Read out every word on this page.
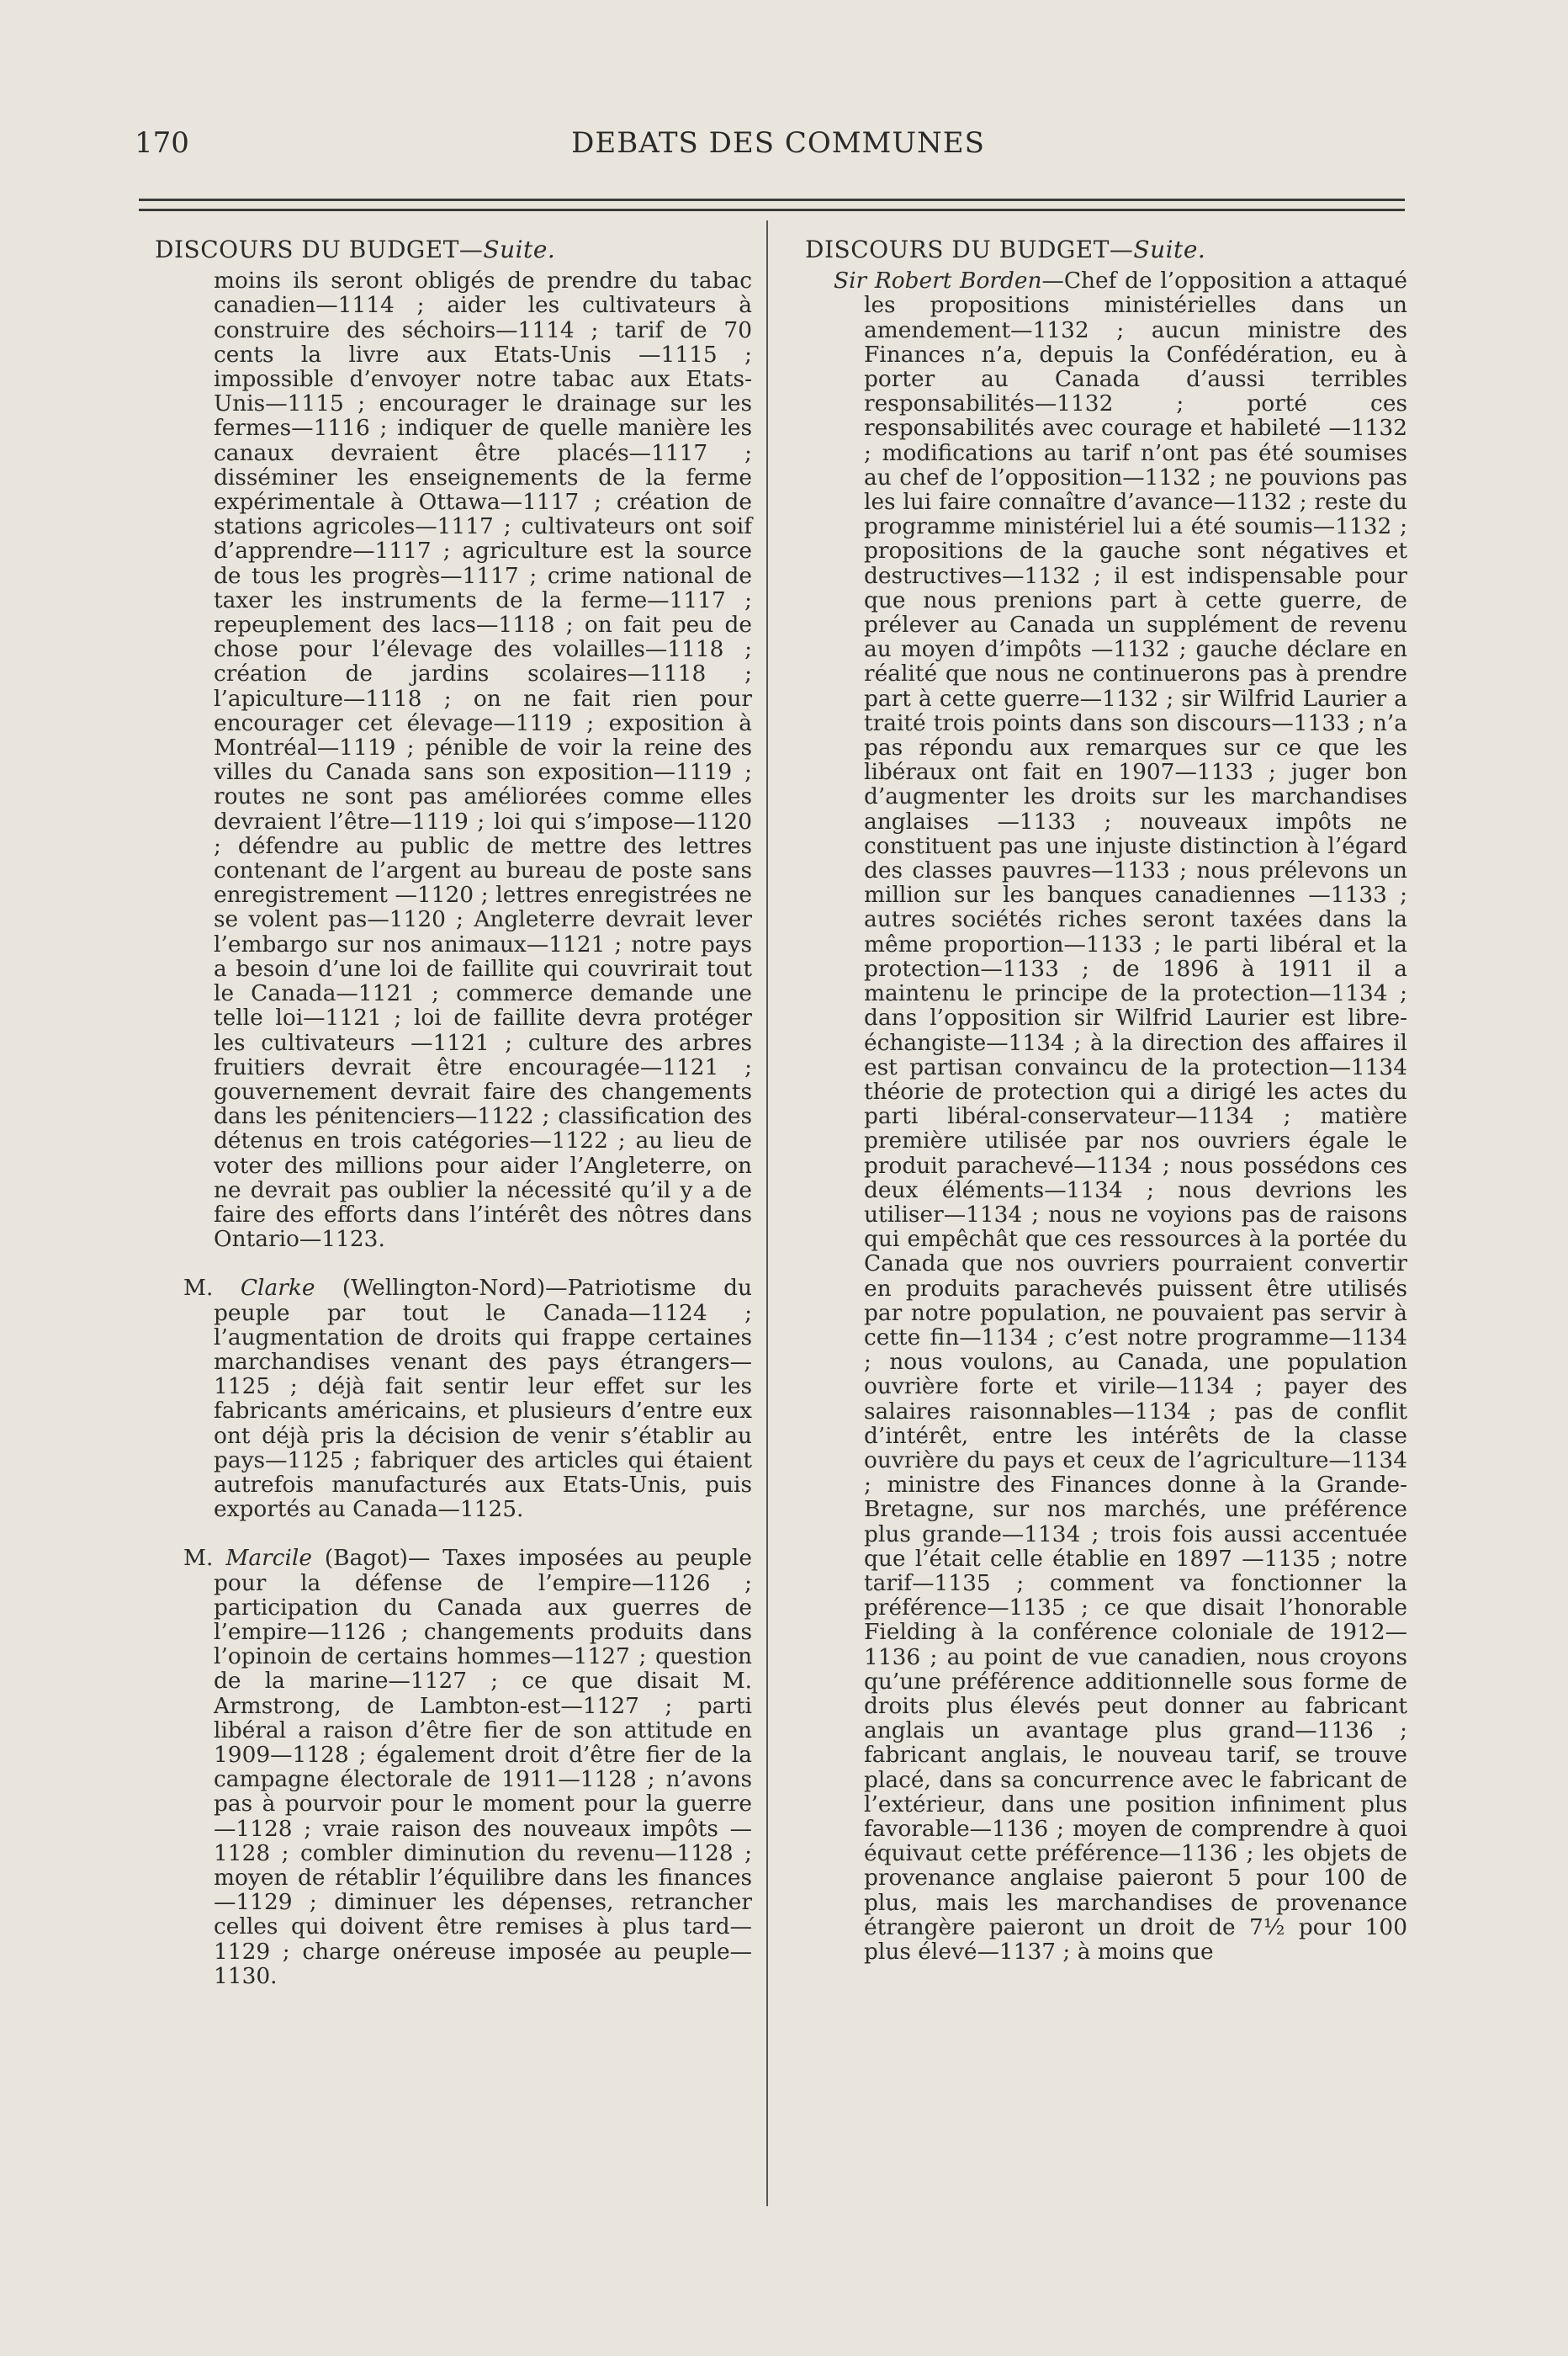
170	DEBATS DES COMMUNES
DISCOURS DU BUDGET—Suite.

moins ils seront obligés de prendre du tabac canadien—1114 ; aider les cultivateurs à construire des séchoirs—1114 ; tarif de 70 cents la livre aux Etats-Unis —1115 ; impossible d’envoyer notre tabac aux Etats-Unis—1115 ; encourager le drainage sur les fermes—1116 ; indiquer de quelle manière les canaux devraient être placés—1117 ; disséminer les enseignements de la ferme expérimentale à Ottawa—1117 ; création de stations agricoles—1117 ; cultivateurs ont soif d’apprendre—1117 ; agriculture est la source de tous les progrès—1117 ; crime national de taxer les instruments de la ferme—1117 ; repeuplement des lacs—1118 ; on fait peu de chose pour l’élevage des volailles—1118 ; création de jardins scolaires—1118 ; l’apiculture—1118 ; on ne fait rien pour encourager cet élevage—1119 ; exposition à Montréal—1119 ; pénible de voir la reine des villes du Canada sans son exposition—1119 ; routes ne sont pas améliorées comme elles devraient l’être—1119 ; loi qui s’impose—1120 ; défendre au public de mettre des lettres contenant de l’argent au bureau de poste sans enregistrement —1120 ; lettres enregistrées ne se volent pas—1120 ; Angleterre devrait lever l’embargo sur nos animaux—1121 ; notre pays a besoin d’une loi de faillite qui couvrirait tout le Canada—1121 ; commerce demande une telle loi—1121 ; loi de faillite devra protéger les cultivateurs —1121 ; culture des arbres fruitiers devrait être encouragée—1121 ; gouvernement devrait faire des changements dans les pénitenciers—1122 ; classification des détenus en trois catégories—1122 ; au lieu de voter des millions pour aider l’Angleterre, on ne devrait pas oublier la nécessité qu’il y a de faire des efforts dans l’intérêt des nôtres dans Ontario—1123.

M. Clarke (Wellington-Nord)—Patriotisme du peuple par tout le Canada—1124 ; l’augmentation de droits qui frappe certaines marchandises venant des pays étrangers—1125 ; déjà fait sentir leur effet sur les fabricants américains, et plusieurs d’entre eux ont déjà pris la décision de venir s’établir au pays—1125 ; fabriquer des articles qui étaient autrefois manufacturés aux Etats-Unis, puis exportés au Canada—1125.

M. Marcile (Bagot)— Taxes imposées au peuple pour la défense de l’empire—1126 ; participation du Canada aux guerres de l’empire—1126 ; changements produits dans l’opinoin de certains hommes—1127 ; question de la marine—1127 ; ce que disait M. Armstrong, de Lambton-est—1127 ; parti libéral a raison d’être fier de son attitude en 1909—1128 ; également droit d’être fier de la campagne électorale de 1911—1128 ; n’avons pas à pourvoir pour le moment pour la guerre—1128 ; vraie raison des nouveaux impôts —1128 ; combler diminution du revenu—1128 ; moyen de rétablir l’équilibre dans les finances—1129 ; diminuer les dépenses, retrancher celles qui doivent être remises à plus tard—1129 ; charge onéreuse imposée au peuple—1130.

DISCOURS DU BUDGET—Suite.

Sir Robert Borden—Chef de l’opposition a attaqué les propositions ministérielles dans un amendement—1132 ; aucun ministre des Finances n’a, depuis la Confédération, eu à porter au Canada d’aussi terribles responsabilités—1132 ; porté ces responsabilités avec courage et habileté —1132 ; modifications au tarif n’ont pas été soumises au chef de l’opposition—1132 ; ne pouvions pas les lui faire connaître d’avance—1132 ; reste du programme ministériel lui a été soumis—1132 ; propositions de la gauche sont négatives et destructives—1132 ; il est indispensable pour que nous prenions part à cette guerre, de prélever au Canada un supplément de revenu au moyen d’impôts —1132 ; gauche déclare en réalité que nous ne continuerons pas à prendre part à cette guerre—1132 ; sir Wilfrid Laurier a traité trois points dans son discours—1133 ; n’a pas répondu aux remarques sur ce que les libéraux ont fait en 1907—1133 ; juger bon d’augmenter les droits sur les marchandises anglaises —1133 ; nouveaux impôts ne constituent pas une injuste distinction à l’égard des classes pauvres—1133 ; nous prélevons un million sur les banques canadiennes —1133 ; autres sociétés riches seront taxées dans la même proportion—1133 ; le parti libéral et la protection—1133 ; de 1896 à 1911 il a maintenu le principe de la protection—1134 ; dans l’opposition sir Wilfrid Laurier est libre-échangiste—1134 ; à la direction des affaires il est partisan convaincu de la protection—1134 théorie de protection qui a dirigé les actes du parti libéral-conservateur—1134 ; matière première utilisée par nos ouvriers égale le produit parachevé—1134 ; nous possédons ces deux éléments—1134 ; nous devrions les utiliser—1134 ; nous ne voyions pas de raisons qui empêchât que ces ressources à la portée du Canada que nos ouvriers pourraient convertir en produits parachevés puissent être utilisés par notre population, ne pouvaient pas servir à cette fin—1134 ; c’est notre programme—1134 ; nous voulons, au Canada, une population ouvrière forte et virile—1134 ; payer des salaires raisonnables—1134 ; pas de conflit d’intérêt, entre les intérêts de la classe ouvrière du pays et ceux de l’agriculture—1134 ; ministre des Finances donne à la Grande-Bretagne, sur nos marchés, une préférence plus grande—1134 ; trois fois aussi accentuée que l’était celle établie en 1897 —1135 ; notre tarif—1135 ; comment va fonctionner la préférence—1135 ; ce que disait l’honorable Fielding à la conférence coloniale de 1912—1136 ; au point de vue canadien, nous croyons qu’une préférence additionnelle sous forme de droits plus élevés peut donner au fabricant anglais un avantage plus grand—1136 ; fabricant anglais, le nouveau tarif, se trouve placé, dans sa concurrence avec le fabricant de l’extérieur, dans une position infiniment plus favorable—1136 ; moyen de comprendre à quoi équivaut cette préférence—1136 ; les objets de provenance anglaise paieront 5 pour 100 de plus, mais les marchandises de provenance étrangère paieront un droit de 7½ pour 100 plus élevé—1137 ; à moins que
